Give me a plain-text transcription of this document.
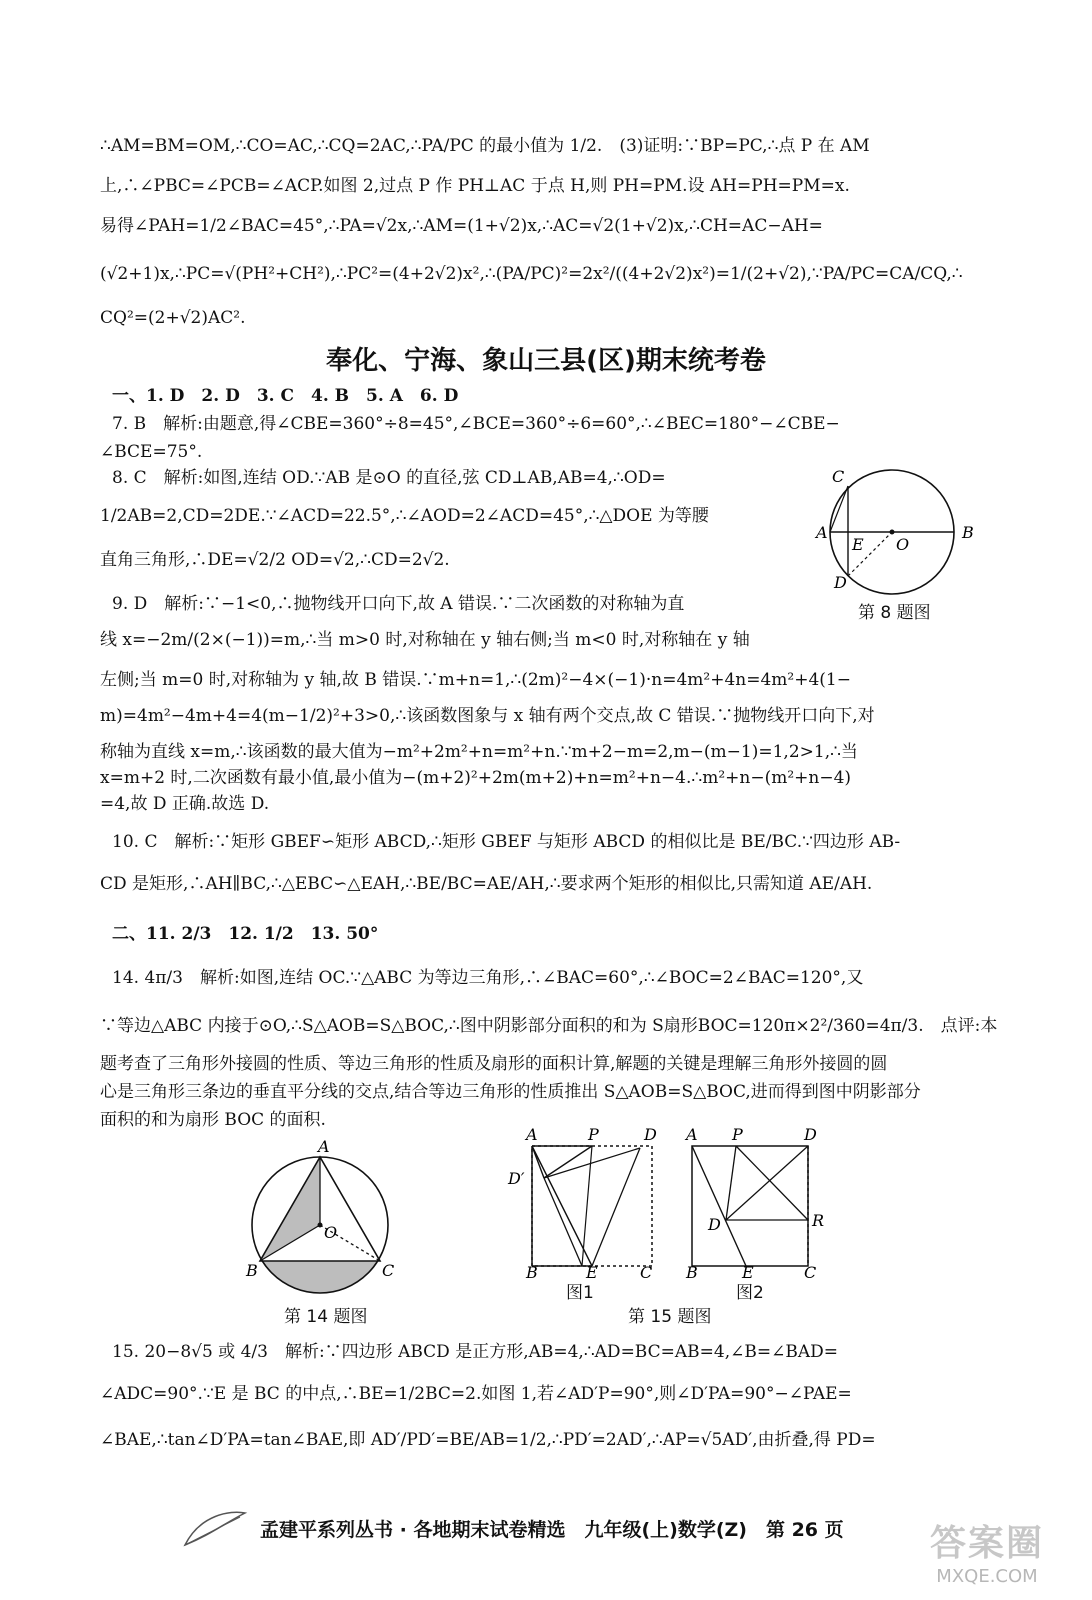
∴AM=BM=OM,∴CO=AC,∴CQ=2AC,∴PA/PC 的最小值为 1/2.　(3)证明:∵BP=PC,∴点 P 在 AM
上,∴∠PBC=∠PCB=∠ACP.如图 2,过点 P 作 PH⊥AC 于点 H,则 PH=PM.设 AH=PH=PM=x.
易得∠PAH=1/2∠BAC=45°,∴PA=√2x,∴AM=(1+√2)x,∴AC=√2(1+√2)x,∴CH=AC−AH=
(√2+1)x,∴PC=√(PH²+CH²),∴PC²=(4+2√2)x²,∴(PA/PC)²=2x²/((4+2√2)x²)=1/(2+√2),∵PA/PC=CA/CQ,∴
CQ²=(2+√2)AC².
奉化、宁海、象山三县(区)期末统考卷
一、1. D　2. D　3. C　4. B　5. A　6. D
7. B　解析:由题意,得∠CBE=360°÷8=45°,∠BCE=360°÷6=60°,∴∠BEC=180°−∠CBE−
∠BCE=75°.
8. C　解析:如图,连结 OD.∵AB 是⊙O 的直径,弦 CD⊥AB,AB=4,∴OD=
1/2AB=2,CD=2DE.∵∠ACD=22.5°,∴∠AOD=2∠ACD=45°,∴△DOE 为等腰
直角三角形,∴DE=√2/2 OD=√2,∴CD=2√2.
C
A
E O
B
D
第 8 题图
9. D　解析:∵−1<0,∴抛物线开口向下,故 A 错误.∵二次函数的对称轴为直
线 x=−2m/(2×(−1))=m,∴当 m>0 时,对称轴在 y 轴右侧;当 m<0 时,对称轴在 y 轴
左侧;当 m=0 时,对称轴为 y 轴,故 B 错误.∵m+n=1,∴(2m)²−4×(−1)·n=4m²+4n=4m²+4(1−
m)=4m²−4m+4=4(m−1/2)²+3>0,∴该函数图象与 x 轴有两个交点,故 C 错误.∵抛物线开口向下,对
称轴为直线 x=m,∴该函数的最大值为−m²+2m²+n=m²+n.∵m+2−m=2,m−(m−1)=1,2>1,∴当
x=m+2 时,二次函数有最小值,最小值为−(m+2)²+2m(m+2)+n=m²+n−4.∴m²+n−(m²+n−4)
=4,故 D 正确.故选 D.
10. C　解析:∵矩形 GBEF∽矩形 ABCD,∴矩形 GBEF 与矩形 ABCD 的相似比是 BE/BC.∵四边形 AB-
CD 是矩形,∴AH∥BC,∴△EBC∽△EAH,∴BE/BC=AE/AH,∴要求两个矩形的相似比,只需知道 AE/AH.
二、11. 2/3　12. 1/2　13. 50°
14. 4π/3　解析:如图,连结 OC.∵△ABC 为等边三角形,∴∠BAC=60°,∴∠BOC=2∠BAC=120°,又
∵等边△ABC 内接于⊙O,∴S△AOB=S△BOC,∴图中阴影部分面积的和为 S扇形BOC=120π×2²/360=4π/3.　点评:本
题考查了三角形外接圆的性质、等边三角形的性质及扇形的面积计算,解题的关键是理解三角形外接圆的圆
心是三角形三条边的垂直平分线的交点,结合等边三角形的性质推出 S△AOB=S△BOC,进而得到图中阴影部分
面积的和为扇形 BOC 的面积.
A
O
B	C
第 14 题图
A	P	D
D′
B	E	C
图1
A P	D
D	R
B	E	C
图2
第 15 题图
15. 20−8√5 或 4/3　解析:∵四边形 ABCD 是正方形,AB=4,∴AD=BC=AB=4,∠B=∠BAD=
∠ADC=90°.∵E 是 BC 的中点,∴BE=1/2BC=2.如图 1,若∠AD′P=90°,则∠D′PA=90°−∠PAE=
∠BAE,∴tan∠D′PA=tan∠BAE,即 AD′/PD′=BE/AB=1/2,∴PD′=2AD′,∴AP=√5AD′,由折叠,得 PD=
孟建平系列丛书 · 各地期末试卷精选　九年级(上)数学(Z)　第 26 页	答案圈
MXQE.COM
